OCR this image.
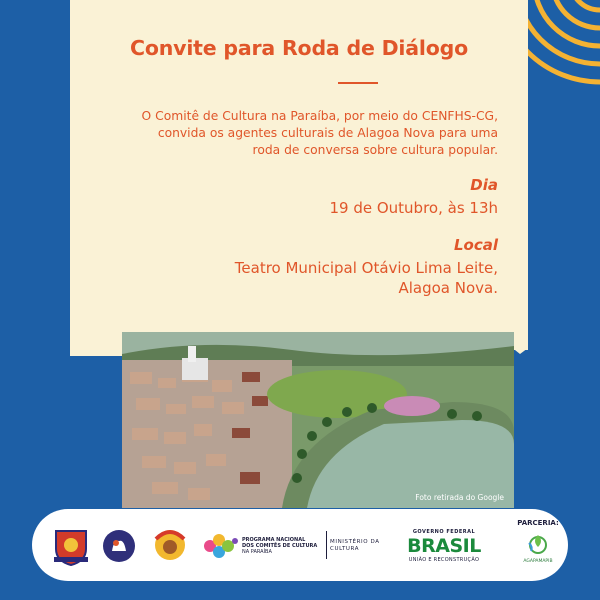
Convite para Roda de Diálogo
O Comitê de Cultura na Paraíba, por meio do CENFHS-CG,
convida os agentes culturais de Alagoa Nova para uma
roda de conversa sobre cultura popular.
Dia
19 de Outubro, às 13h
Local
Teatro Municipal Otávio Lima Leite,
Alagoa Nova.
Foto retirada do Google
PROGRAMA NACIONAL
DOS COMITÊS DE CULTURA
NA PARAÍBA
MINISTÉRIO DA
CULTURA
GOVERNO FEDERAL
BRASIL
UNIÃO E RECONSTRUÇÃO
PARCERIA:
AGAPAMAPIB
